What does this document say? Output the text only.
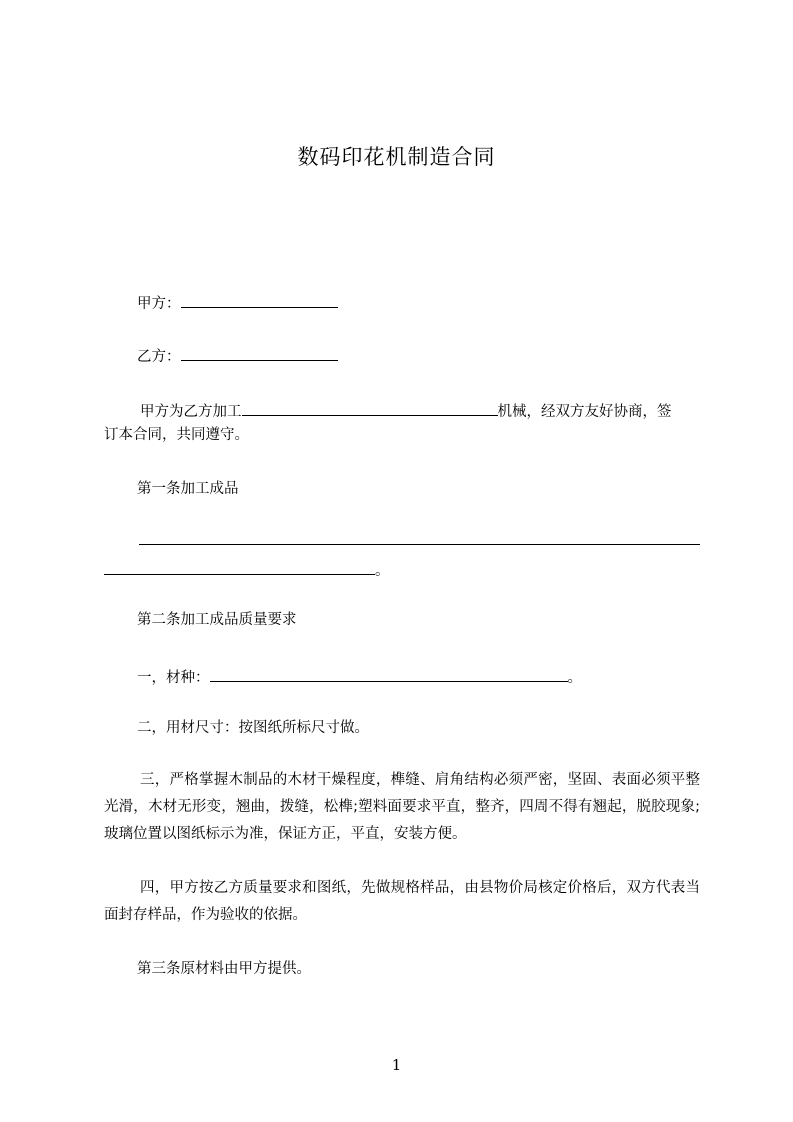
数码印花机制造合同
甲方：
乙方：
甲方为乙方加工	机械，经双方友好协商，签
订本合同，共同遵守。
第一条加工成品
。
第二条加工成品质量要求
一，材种：	。
二，用材尺寸：按图纸所标尺寸做。
三，严格掌握木制品的木材干燥程度，榫缝、肩角结构必须严密，坚固、表面必须平整光滑，木材无形变，翘曲，拨缝，松榫;塑料面要求平直，整齐，四周不得有翘起，脱胶现象;玻璃位置以图纸标示为准，保证方正，平直，安装方便。
四，甲方按乙方质量要求和图纸，先做规格样品，由县物价局核定价格后，双方代表当面封存样品，作为验收的依据。
第三条原材料由甲方提供。
1
